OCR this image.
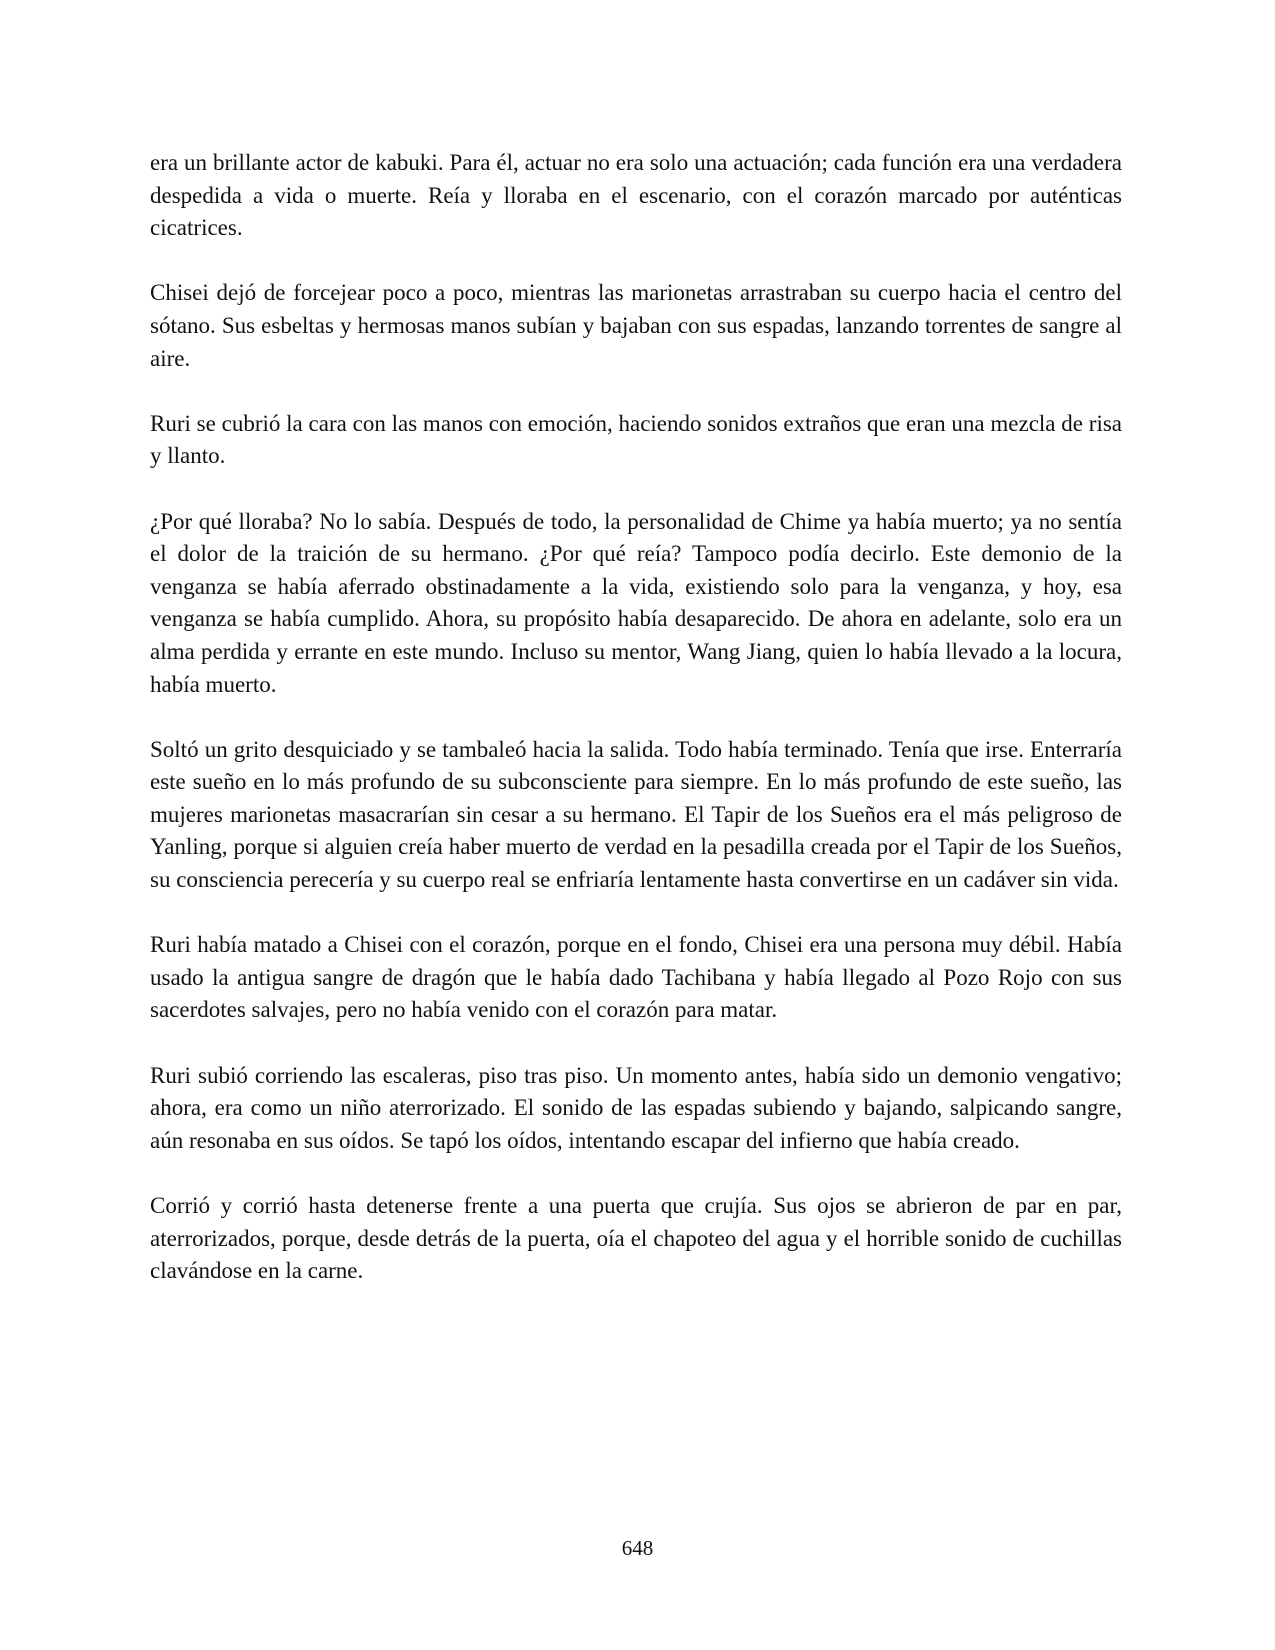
era un brillante actor de kabuki. Para él, actuar no era solo una actuación; cada función era una verdadera despedida a vida o muerte. Reía y lloraba en el escenario, con el corazón marcado por auténticas cicatrices.

Chisei dejó de forcejear poco a poco, mientras las marionetas arrastraban su cuerpo hacia el centro del sótano. Sus esbeltas y hermosas manos subían y bajaban con sus espadas, lanzando torrentes de sangre al aire.

Ruri se cubrió la cara con las manos con emoción, haciendo sonidos extraños que eran una mezcla de risa y llanto.

¿Por qué lloraba? No lo sabía. Después de todo, la personalidad de Chime ya había muerto; ya no sentía el dolor de la traición de su hermano. ¿Por qué reía? Tampoco podía decirlo. Este demonio de la venganza se había aferrado obstinadamente a la vida, existiendo solo para la venganza, y hoy, esa venganza se había cumplido. Ahora, su propósito había desaparecido. De ahora en adelante, solo era un alma perdida y errante en este mundo. Incluso su mentor, Wang Jiang, quien lo había llevado a la locura, había muerto.

Soltó un grito desquiciado y se tambaleó hacia la salida. Todo había terminado. Tenía que irse. Enterraría este sueño en lo más profundo de su subconsciente para siempre. En lo más profundo de este sueño, las mujeres marionetas masacrarían sin cesar a su hermano. El Tapir de los Sueños era el más peligroso de Yanling, porque si alguien creía haber muerto de verdad en la pesadilla creada por el Tapir de los Sueños, su consciencia perecería y su cuerpo real se enfriaría lentamente hasta convertirse en un cadáver sin vida.

Ruri había matado a Chisei con el corazón, porque en el fondo, Chisei era una persona muy débil. Había usado la antigua sangre de dragón que le había dado Tachibana y había llegado al Pozo Rojo con sus sacerdotes salvajes, pero no había venido con el corazón para matar.

Ruri subió corriendo las escaleras, piso tras piso. Un momento antes, había sido un demonio vengativo; ahora, era como un niño aterrorizado. El sonido de las espadas subiendo y bajando, salpicando sangre, aún resonaba en sus oídos. Se tapó los oídos, intentando escapar del infierno que había creado.

Corrió y corrió hasta detenerse frente a una puerta que crujía. Sus ojos se abrieron de par en par, aterrorizados, porque, desde detrás de la puerta, oía el chapoteo del agua y el horrible sonido de cuchillas clavándose en la carne.

648
